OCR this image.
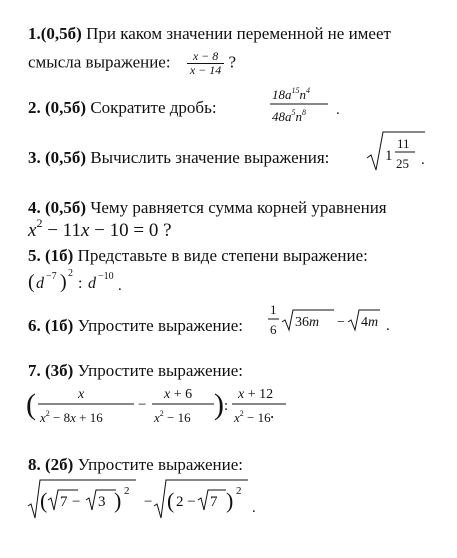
1.(0,5б) При каком значении переменной не имеет
смысла выражение: $\frac{x - 8}{x - 14}$ ?
2. (0,5б) Сократите дробь:
$18a^{15}n^4$
$48a^5n^8$ .
3. (0,5б) Вычислить значение выражения:	1
11
25 .
4. (0,5б) Чему равняется сумма корней уравнения
$x^2 - 11x - 10 = 0$ ?
5. (1б) Представьте в виде степени выражение:
( d −7 ) 2
: d −10
.
6. (1б) Упростите выражение:
1
6 36m − 4m .
7. (3б) Упростите выражение:
(	x
$x^2 - 8x + 16$
−
x + 6
$x^2 - 16$ ) :
x + 12
$x^2 - 16$ .
8. (2б) Упростите выражение:
( 7 − 3 ) 2
− ( 2 − 7 ) 2
.
